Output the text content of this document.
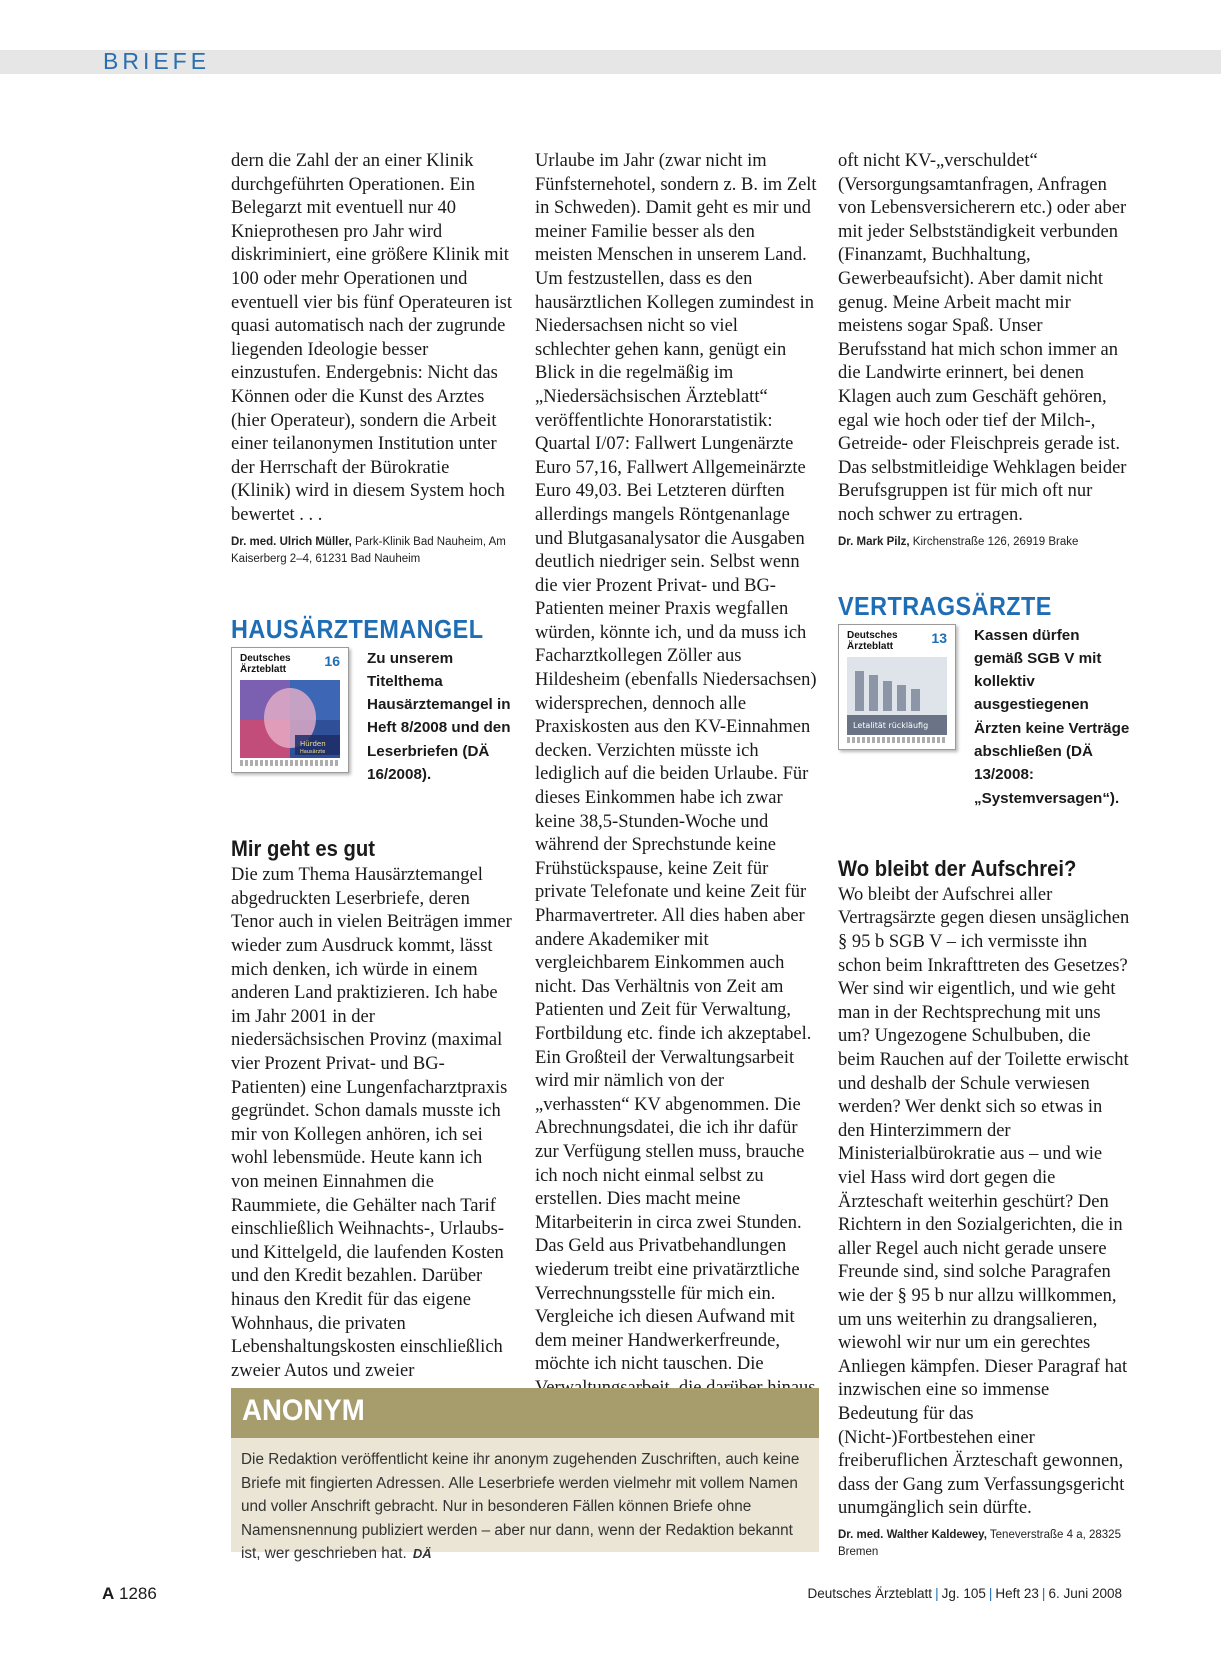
BRIEFE

dern die Zahl der an einer Klinik durchgeführten Operationen. Ein Belegarzt mit eventuell nur 40 Knieprothesen pro Jahr wird diskriminiert, eine größere Klinik mit 100 oder mehr Operationen und eventuell vier bis fünf Operateuren ist quasi automatisch nach der zugrunde liegenden Ideologie besser einzustufen. Endergebnis: Nicht das Können oder die Kunst des Arztes (hier Operateur), sondern die Arbeit einer teilanonymen Institution unter der Herrschaft der Bürokratie (Klinik) wird in diesem System hoch bewertet . . .

Dr. med. Ulrich Müller, Park-Klinik Bad Nauheim, Am Kaiserberg 2–4, 61231 Bad Nauheim

HAUSÄRZTEMANGEL
Deutsches
Ärzteblatt
16
Hürden
Hausärzte

Zu unserem Titelthema Hausärztemangel in Heft 8/2008 und den Leserbriefen (DÄ 16/2008).

Mir geht es gut

Die zum Thema Hausärztemangel abgedruckten Leserbriefe, deren Tenor auch in vielen Beiträgen immer wieder zum Ausdruck kommt, lässt mich denken, ich würde in einem anderen Land praktizieren. Ich habe im Jahr 2001 in der niedersächsischen Provinz (maximal vier Prozent Privat- und BG-Patienten) eine Lungenfacharztpraxis gegründet. Schon damals musste ich mir von Kollegen anhören, ich sei wohl lebensmüde. Heute kann ich von meinen Einnahmen die Raummiete, die Gehälter nach Tarif einschließlich Weihnachts-, Urlaubs- und Kittelgeld, die laufenden Kosten und den Kredit bezahlen. Darüber hinaus den Kredit für das eigene Wohnhaus, die privaten Lebenshaltungskosten einschließlich zweier Autos und zweier

Urlaube im Jahr (zwar nicht im Fünfsternehotel, sondern z. B. im Zelt in Schweden). Damit geht es mir und meiner Familie besser als den meisten Menschen in unserem Land. Um festzustellen, dass es den hausärztlichen Kollegen zumindest in Niedersachsen nicht so viel schlechter gehen kann, genügt ein Blick in die regelmäßig im „Niedersächsischen Ärzteblatt“ veröffentlichte Honorarstatistik: Quartal I/07: Fallwert Lungenärzte Euro 57,16, Fallwert Allgemeinärzte Euro 49,03. Bei Letzteren dürften allerdings mangels Röntgenanlage und Blutgasanalysator die Ausgaben deutlich niedriger sein. Selbst wenn die vier Prozent Privat- und BG-Patienten meiner Praxis wegfallen würden, könnte ich, und da muss ich Facharztkollegen Zöller aus Hildesheim (ebenfalls Niedersachsen) widersprechen, dennoch alle Praxiskosten aus den KV-Einnahmen decken. Verzichten müsste ich lediglich auf die beiden Urlaube. Für dieses Einkommen habe ich zwar keine 38,5-Stunden-Woche und während der Sprechstunde keine Frühstückspause, keine Zeit für private Telefonate und keine Zeit für Pharmavertreter. All dies haben aber andere Akademiker mit vergleichbarem Einkommen auch nicht. Das Verhältnis von Zeit am Patienten und Zeit für Verwaltung, Fortbildung etc. finde ich akzeptabel. Ein Großteil der Verwaltungsarbeit wird mir nämlich von der „verhassten“ KV abgenommen. Die Abrechnungsdatei, die ich ihr dafür zur Verfügung stellen muss, brauche ich noch nicht einmal selbst zu erstellen. Dies macht meine Mitarbeiterin in circa zwei Stunden. Das Geld aus Privatbehandlungen wiederum treibt eine privatärztliche Verrechnungsstelle für mich ein. Vergleiche ich diesen Aufwand mit dem meiner Handwerkerfreunde, möchte ich nicht tauschen. Die

oft nicht KV-„verschuldet“ (Versorgungsamtanfragen, Anfragen von Lebensversicherern etc.) oder aber mit jeder Selbstständigkeit verbunden (Finanzamt, Buchhaltung, Gewerbeaufsicht). Aber damit nicht genug. Meine Arbeit macht mir meistens sogar Spaß. Unser Berufsstand hat mich schon immer an die Landwirte erinnert, bei denen Klagen auch zum Geschäft gehören, egal wie hoch oder tief der Milch-, Getreide- oder Fleischpreis gerade ist. Das selbstmitleidige Wehklagen beider Berufsgruppen ist für mich oft nur noch schwer zu ertragen.

Dr. Mark Pilz, Kirchenstraße 126, 26919 Brake

VERTRAGSÄRZTE
Deutsches
Ärzteblatt
13
Letalität rückläufig

Kassen dürfen gemäß SGB V mit kollektiv ausgestiegenen Ärzten keine Verträge abschließen (DÄ 13/2008: „Systemversagen“).

Wo bleibt der Aufschrei?

Wo bleibt der Aufschrei aller Vertragsärzte gegen diesen unsäglichen § 95 b SGB V – ich vermisste ihn schon beim Inkrafttreten des Gesetzes? Wer sind wir eigentlich, und wie geht man in der Rechtsprechung mit uns um? Ungezogene Schulbuben, die beim Rauchen auf der Toilette erwischt und deshalb der Schule verwiesen werden? Wer denkt sich so etwas in den Hinterzimmern der Ministerialbürokratie aus – und wie viel Hass wird dort gegen die Ärzteschaft weiterhin geschürt? Den Richtern in den Sozialgerichten, die in aller Regel auch nicht gerade unsere Freunde sind, sind solche Paragrafen wie der § 95 b nur allzu willkommen, um uns weiterhin zu drangsalieren, wiewohl wir nur um ein gerechtes Anliegen kämpfen. Dieser Paragraf hat inzwischen eine so immense Bedeutung für das (Nicht-)Fortbestehen einer freiberuflichen Ärzteschaft gewonnen, dass der Gang zum Verfassungsgericht unumgänglich sein dürfte.

Dr. med. Walther Kaldewey, Teneverstraße 4 a, 28325 Bremen

ANONYM

Die Redaktion veröffentlicht keine ihr anonym zugehenden Zuschriften, auch keine Briefe mit fingierten Adressen. Alle Leserbriefe werden vielmehr mit vollem Namen und voller Anschrift gebracht. Nur in besonderen Fällen können Briefe ohne Namensnennung publiziert werden – aber nur dann, wenn der Redaktion bekannt ist, wer geschrieben hat. DÄ

A 1286	Deutsches Ärzteblatt | Jg. 105 | Heft 23 | 6. Juni 2008
